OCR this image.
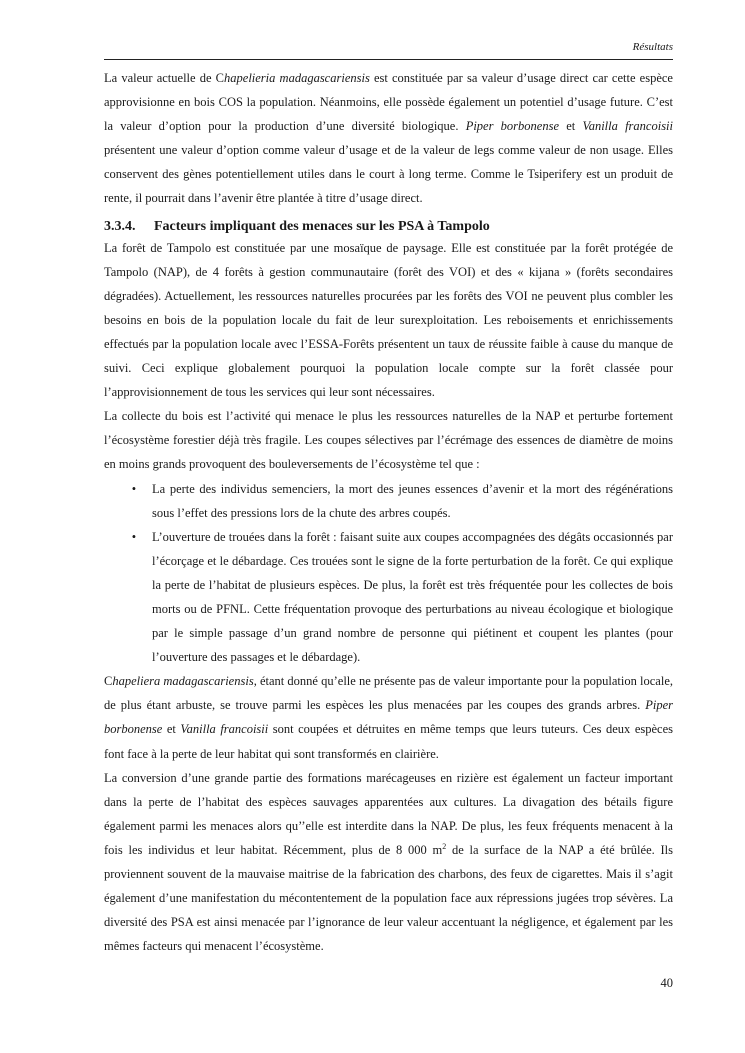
Résultats

La valeur actuelle de Chapelieria madagascariensis est constituée par sa valeur d’usage direct car cette espèce approvisionne en bois COS la population. Néanmoins, elle possède également un potentiel d’usage future. C’est la valeur d’option pour la production d’une diversité biologique. Piper borbonense et Vanilla francoisii présentent une valeur d’option comme valeur d’usage et de la valeur de legs comme valeur de non usage. Elles conservent des gènes potentiellement utiles dans le court à long terme. Comme le Tsiperifery est un produit de rente, il pourrait dans l’avenir être plantée à titre d’usage direct.

3.3.4.	Facteurs impliquant des menaces sur les PSA à Tampolo

La forêt de Tampolo est constituée par une mosaïque de paysage. Elle est constituée par la forêt protégée de Tampolo (NAP), de 4 forêts à gestion communautaire (forêt des VOI) et des « kijana » (forêts secondaires dégradées). Actuellement, les ressources naturelles procurées par les forêts des VOI ne peuvent plus combler les besoins en bois de la population locale du fait de leur surexploitation. Les reboisements et enrichissements effectués par la population locale avec l’ESSA-Forêts présentent un taux de réussite faible à cause du manque de suivi. Ceci explique globalement pourquoi la population locale compte sur la forêt classée pour l’approvisionnement de tous les services qui leur sont nécessaires.

La collecte du bois est l’activité qui menace le plus les ressources naturelles de la NAP et perturbe fortement l’écosystème forestier déjà très fragile. Les coupes sélectives par l’écrémage des essences de diamètre de moins en moins grands provoquent des bouleversements de l’écosystème tel que :

•	La perte des individus semenciers, la mort des jeunes essences d’avenir et la mort des régénérations sous l’effet des pressions lors de la chute des arbres coupés.
•	L’ouverture de trouées dans la forêt : faisant suite aux coupes accompagnées des dégâts occasionnés par l’écorçage et le débardage. Ces trouées sont le signe de la forte perturbation de la forêt. Ce qui explique la perte de l’habitat de plusieurs espèces. De plus, la forêt est très fréquentée pour les collectes de bois morts ou de PFNL. Cette fréquentation provoque des perturbations au niveau écologique et biologique par le simple passage d’un grand nombre de personne qui piétinent et coupent les plantes (pour l’ouverture des passages et le débardage).

Chapeliera madagascariensis, étant donné qu’elle ne présente pas de valeur importante pour la population locale, de plus étant arbuste, se trouve parmi les espèces les plus menacées par les coupes des grands arbres. Piper borbonense et Vanilla francoisii sont coupées et détruites en même temps que leurs tuteurs. Ces deux espèces font face à la perte de leur habitat qui sont transformés en clairière.

La conversion d’une grande partie des formations marécageuses en rizière est également un facteur important dans la perte de l’habitat des espèces sauvages apparentées aux cultures. La divagation des bétails figure également parmi les menaces alors qu’’elle est interdite dans la NAP. De plus, les feux fréquents menacent à la fois les individus et leur habitat. Récemment, plus de 8 000 $m^2$ de la surface de la NAP a été brûlée. Ils proviennent souvent de la mauvaise maitrise de la fabrication des charbons, des feux de cigarettes. Mais il s’agit également d’une manifestation du mécontentement de la population face aux répressions jugées trop sévères. La diversité des PSA est ainsi menacée par l’ignorance de leur valeur accentuant la négligence, et également par les mêmes facteurs qui menacent l’écosystème.

40
